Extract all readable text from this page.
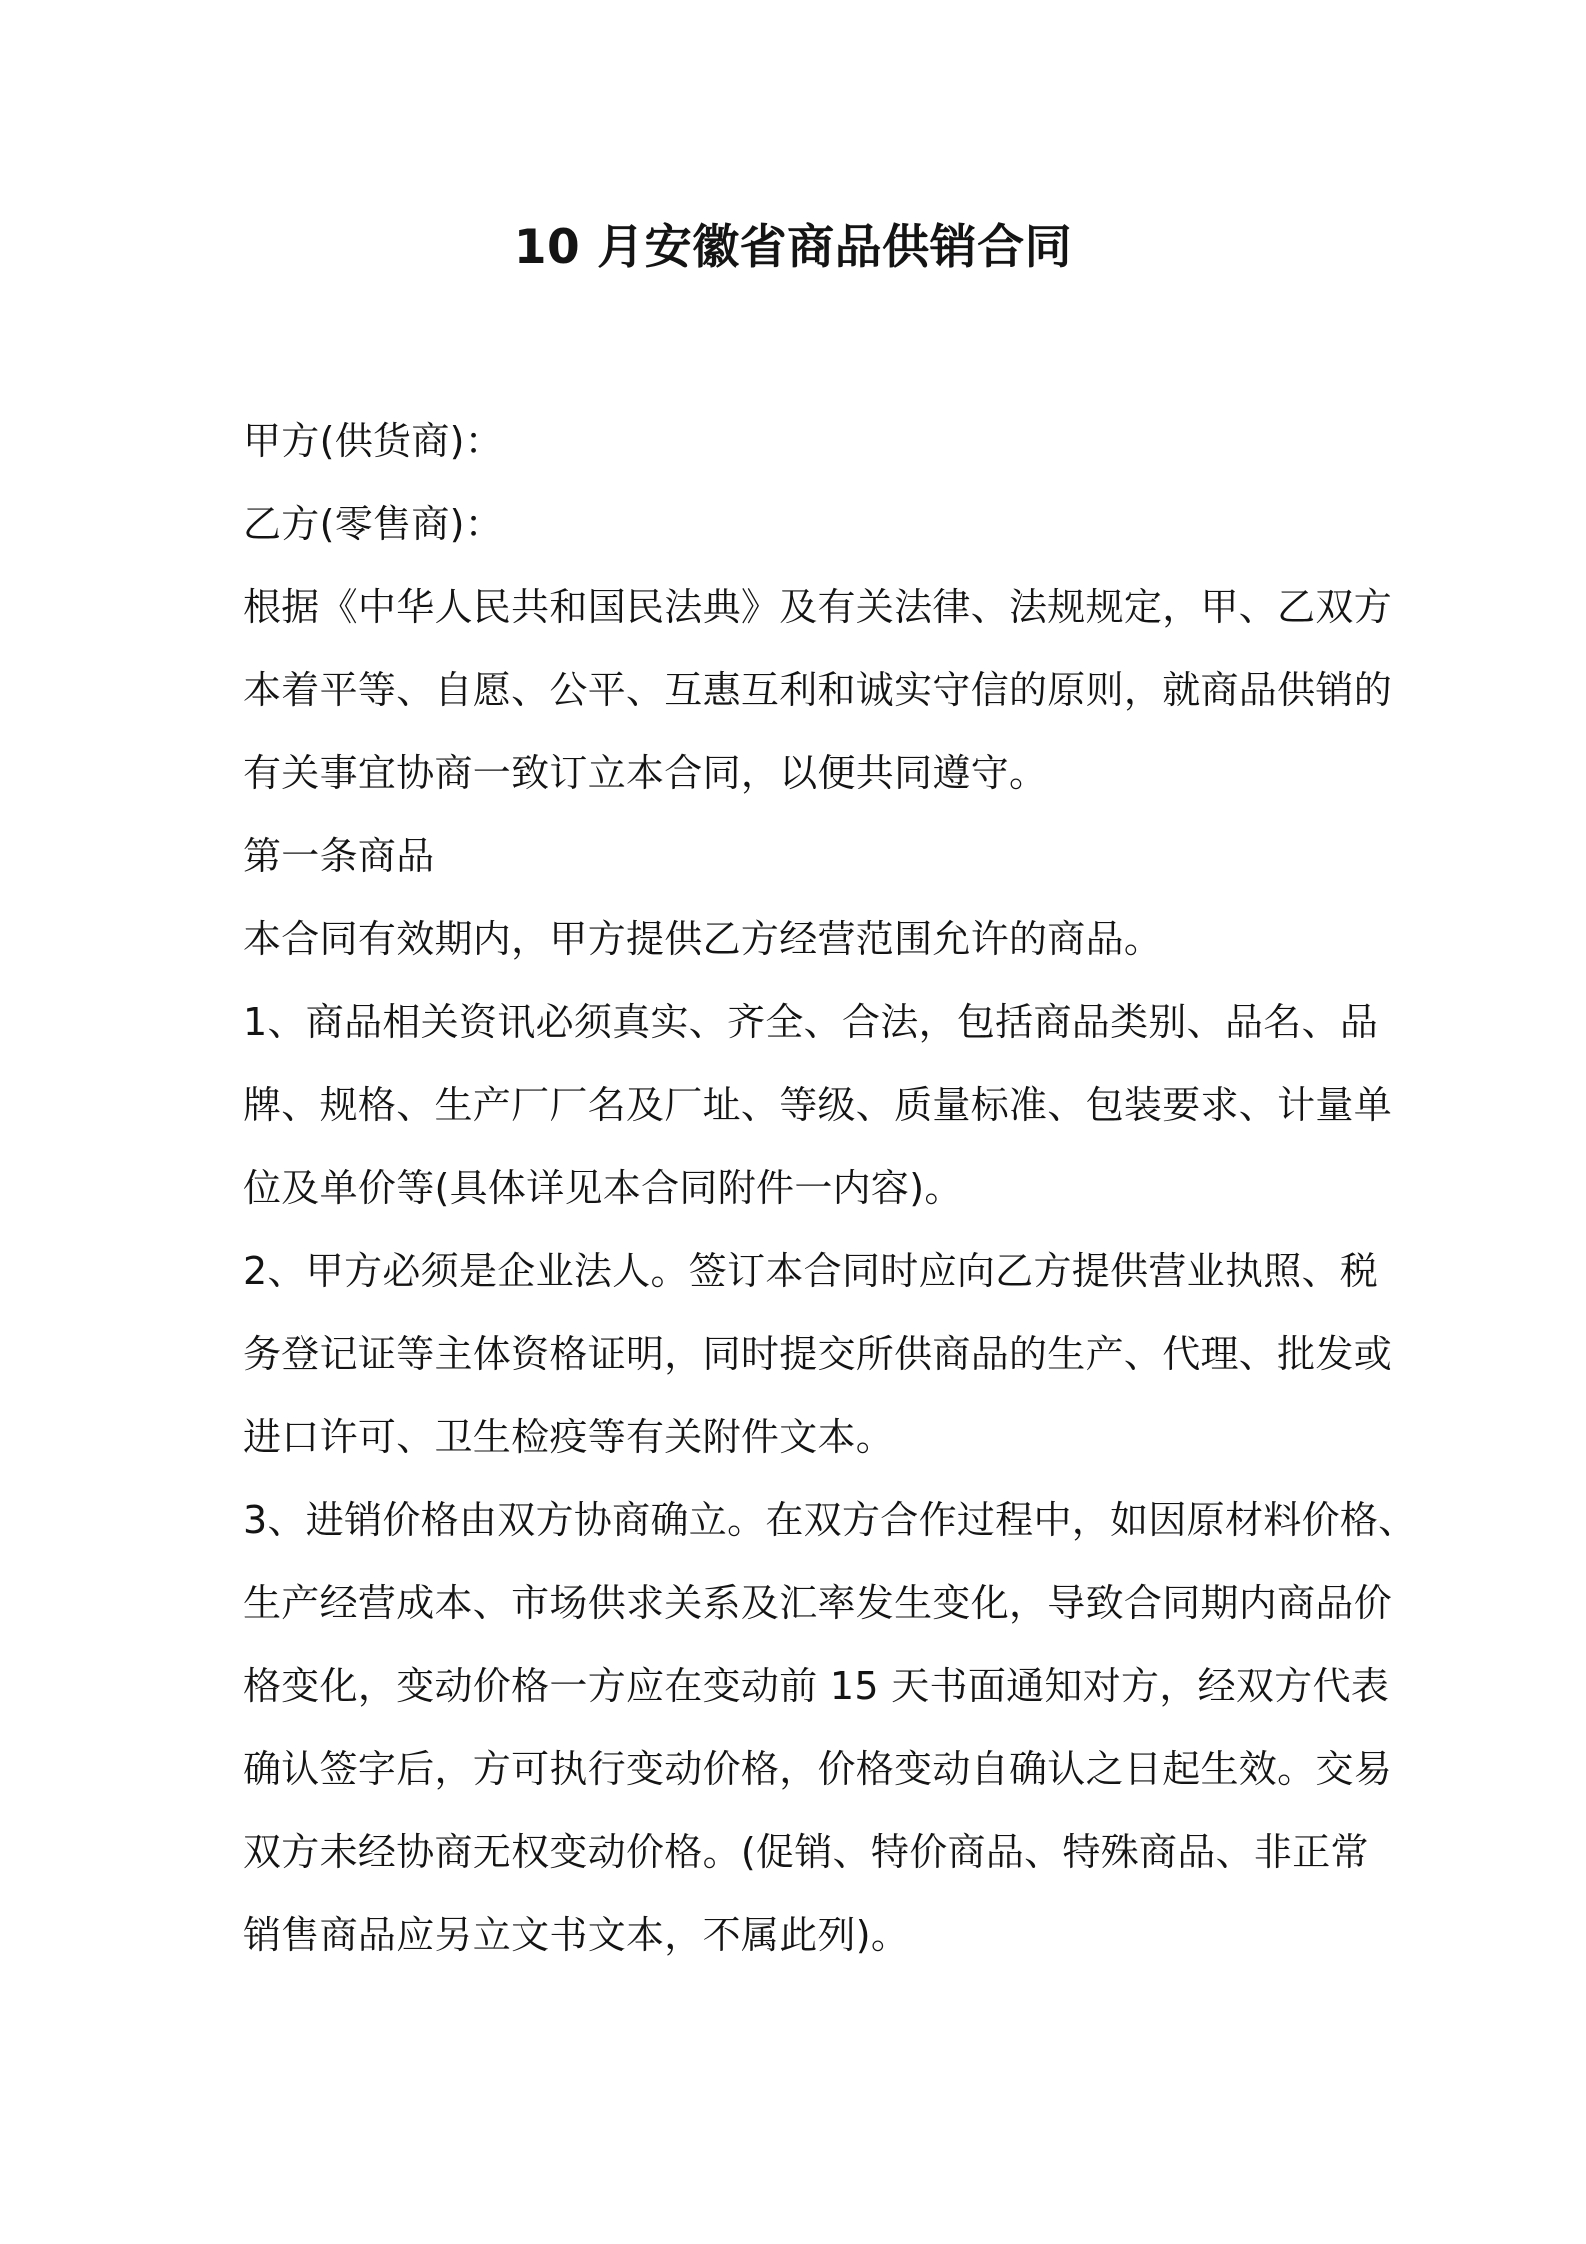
10 月安徽省商品供销合同
甲方(供货商)：
乙方(零售商)：
根据《中华人民共和国民法典》及有关法律、法规规定，甲、乙双方
本着平等、自愿、公平、互惠互利和诚实守信的原则，就商品供销的
有关事宜协商一致订立本合同，以便共同遵守。
第一条商品
本合同有效期内，甲方提供乙方经营范围允许的商品。
1、商品相关资讯必须真实、齐全、合法，包括商品类别、品名、品
牌、规格、生产厂厂名及厂址、等级、质量标准、包装要求、计量单
位及单价等(具体详见本合同附件一内容)。
2、甲方必须是企业法人。签订本合同时应向乙方提供营业执照、税
务登记证等主体资格证明，同时提交所供商品的生产、代理、批发或
进口许可、卫生检疫等有关附件文本。
3、进销价格由双方协商确立。在双方合作过程中，如因原材料价格、
生产经营成本、市场供求关系及汇率发生变化，导致合同期内商品价
格变化，变动价格一方应在变动前 15 天书面通知对方，经双方代表
确认签字后，方可执行变动价格，价格变动自确认之日起生效。交易
双方未经协商无权变动价格。(促销、特价商品、特殊商品、非正常
销售商品应另立文书文本，不属此列)。
